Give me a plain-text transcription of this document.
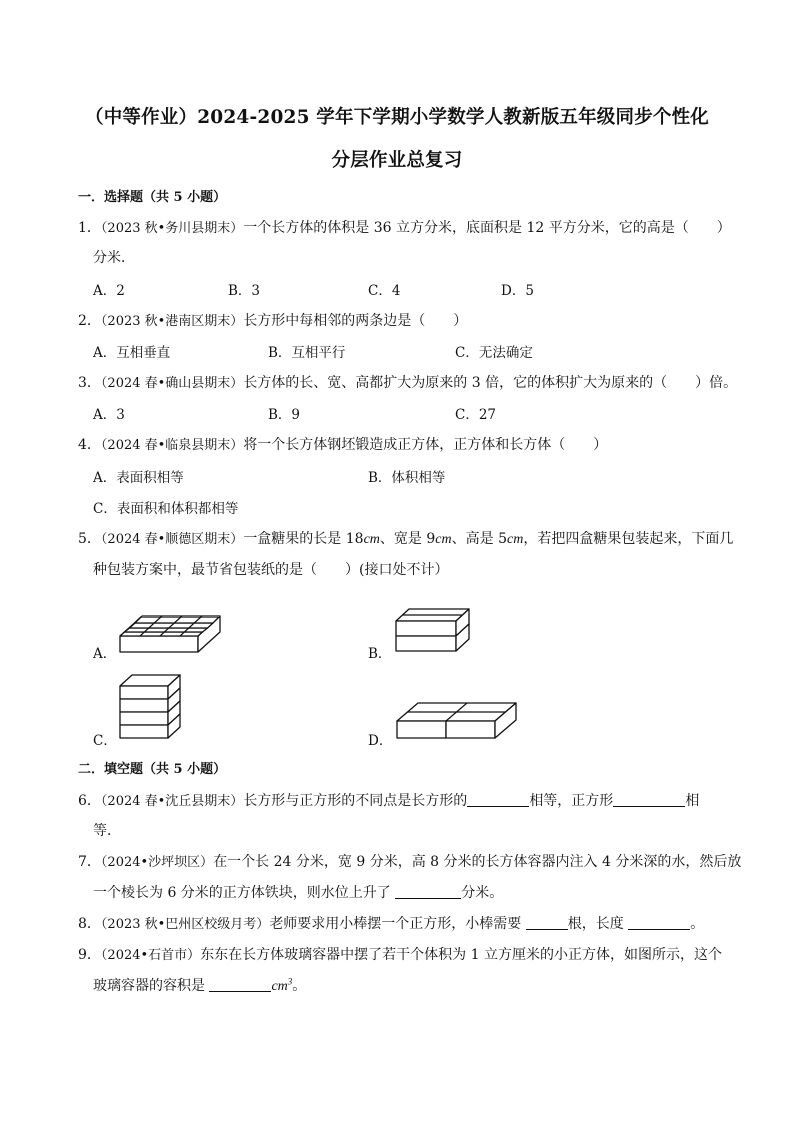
（中等作业）2024-2025 学年下学期小学数学人教新版五年级同步个性化
分层作业总复习
一．选择题（共 5 小题）
1．（2023 秋•务川县期末）一个长方体的体积是 36 立方分米，底面积是 12 平方分米，它的高是（　　）
分米．
A．2	B．3	C．4	D．5
2．（2023 秋•港南区期末）长方形中每相邻的两条边是（　　）
A．互相垂直	B．互相平行	C．无法确定
3．（2024 春•确山县期末）长方体的长、宽、高都扩大为原来的 3 倍，它的体积扩大为原来的（　　）倍。
A．3	B．9	C．27
4．（2024 春•临泉县期末）将一个长方体钢坯锻造成正方体，正方体和长方体（　　）
A．表面积相等	B．体积相等
C．表面积和体积都相等
5．（2024 春•顺德区期末）一盒糖果的长是 18cm、宽是 9cm、高是 5cm，若把四盒糖果包装起来，下面几
种包装方案中，最节省包装纸的是（　　）(接口处不计）
A．	B．
C．	D．
二．填空题（共 5 小题）
6．（2024 春•沈丘县期末）长方形与正方形的不同点是长方形的	相等，正方形	相
等．
7．（2024•沙坪坝区）在一个长 24 分米，宽 9 分米，高 8 分米的长方体容器内注入 4 分米深的水，然后放
一个棱长为 6 分米的正方体铁块，则水位上升了	分米。
8．（2023 秋•巴州区校级月考）老师要求用小棒摆一个正方形，小棒需要	根，长度	。
9．（2024•石首市）东东在长方体玻璃容器中摆了若干个体积为 1 立方厘米的小正方体，如图所示，这个
玻璃容器的容积是	$cm^3$。
